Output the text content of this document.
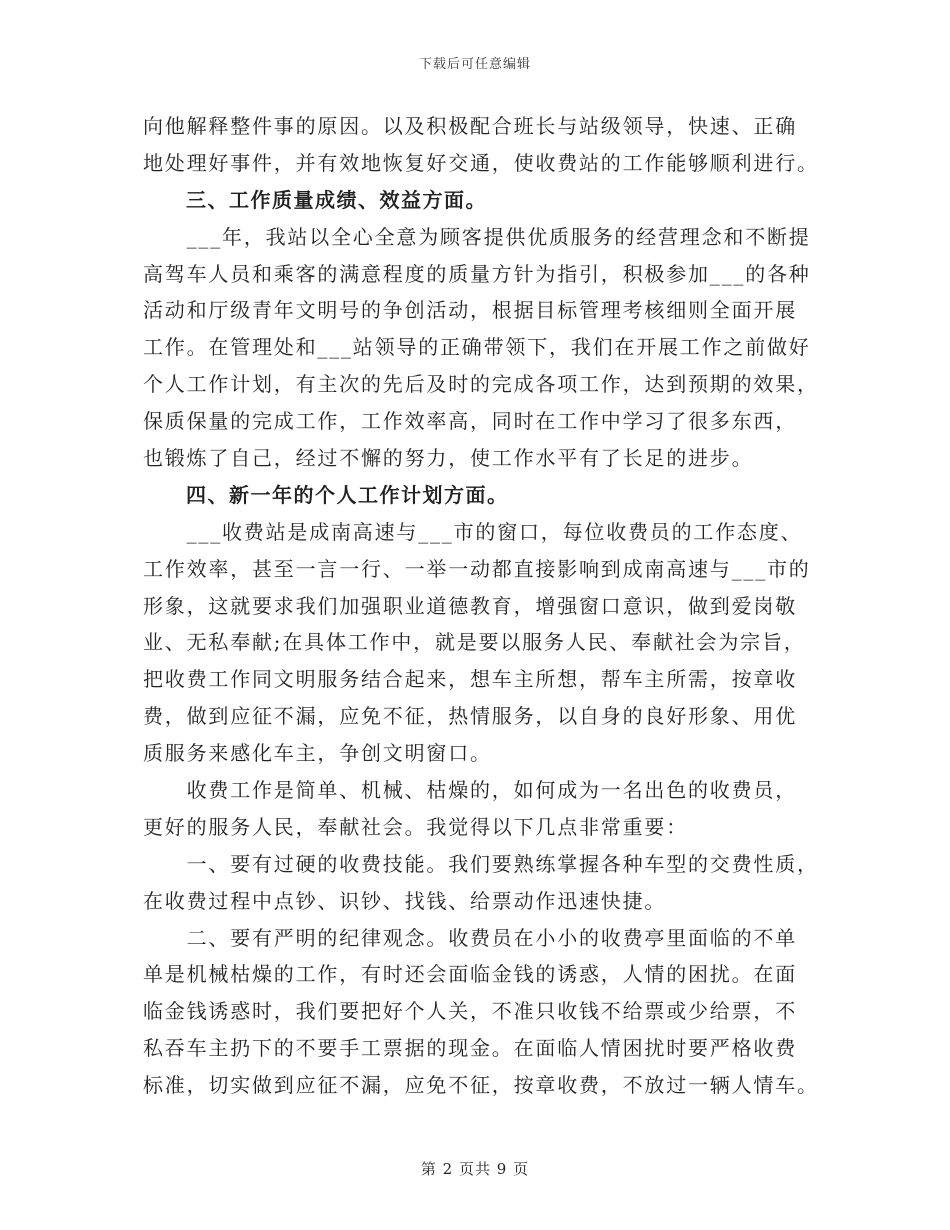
下载后可任意编辑
向他解释整件事的原因。以及积极配合班长与站级领导，快速、正确
地处理好事件，并有效地恢复好交通，使收费站的工作能够顺利进行。
　　三、工作质量成绩、效益方面。
　　___年，我站以全心全意为顾客提供优质服务的经营理念和不断提
高驾车人员和乘客的满意程度的质量方针为指引，积极参加___的各种
活动和厅级青年文明号的争创活动，根据目标管理考核细则全面开展
工作。在管理处和___站领导的正确带领下，我们在开展工作之前做好
个人工作计划，有主次的先后及时的完成各项工作，达到预期的效果，
保质保量的完成工作，工作效率高，同时在工作中学习了很多东西，
也锻炼了自己，经过不懈的努力，使工作水平有了长足的进步。
　　四、新一年的个人工作计划方面。
　　___收费站是成南高速与___市的窗口，每位收费员的工作态度、
工作效率，甚至一言一行、一举一动都直接影响到成南高速与___市的
形象，这就要求我们加强职业道德教育，增强窗口意识，做到爱岗敬
业、无私奉献;在具体工作中，就是要以服务人民、奉献社会为宗旨，
把收费工作同文明服务结合起来，想车主所想，帮车主所需，按章收
费，做到应征不漏，应免不征，热情服务，以自身的良好形象、用优
质服务来感化车主，争创文明窗口。
　　收费工作是简单、机械、枯燥的，如何成为一名出色的收费员，
更好的服务人民，奉献社会。我觉得以下几点非常重要：
　　一、要有过硬的收费技能。我们要熟练掌握各种车型的交费性质，
在收费过程中点钞、识钞、找钱、给票动作迅速快捷。
　　二、要有严明的纪律观念。收费员在小小的收费亭里面临的不单
单是机械枯燥的工作，有时还会面临金钱的诱惑，人情的困扰。在面
临金钱诱惑时，我们要把好个人关，不准只收钱不给票或少给票，不
私吞车主扔下的不要手工票据的现金。在面临人情困扰时要严格收费
标准，切实做到应征不漏，应免不征，按章收费，不放过一辆人情车。
第 2 页共 9 页
